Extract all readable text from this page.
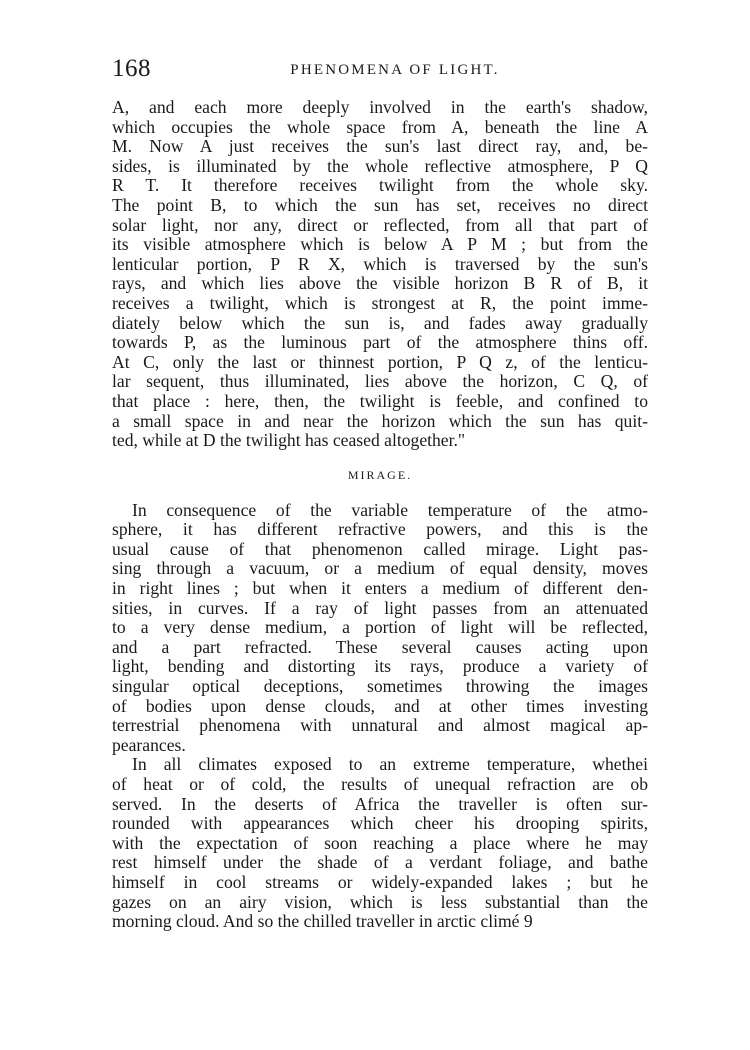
168	PHENOMENA OF LIGHT.
A, and each more deeply involved in the earth's shadow,
which occupies the whole space from A, beneath the line A
M. Now A just receives the sun's last direct ray, and, be-
sides, is illuminated by the whole reflective atmosphere, P Q
R T. It therefore receives twilight from the whole sky.
The point B, to which the sun has set, receives no direct
solar light, nor any, direct or reflected, from all that part of
its visible atmosphere which is below A P M ; but from the
lenticular portion, P R X, which is traversed by the sun's
rays, and which lies above the visible horizon B R of B, it
receives a twilight, which is strongest at R, the point imme-
diately below which the sun is, and fades away gradually
towards P, as the luminous part of the atmosphere thins off.
At C, only the last or thinnest portion, P Q z, of the lenticu-
lar sequent, thus illuminated, lies above the horizon, C Q, of
that place : here, then, the twilight is feeble, and confined to
a small space in and near the horizon which the sun has quit-
ted, while at D the twilight has ceased altogether."
MIRAGE.
In consequence of the variable temperature of the atmo-
sphere, it has different refractive powers, and this is the
usual cause of that phenomenon called mirage. Light pas-
sing through a vacuum, or a medium of equal density, moves
in right lines ; but when it enters a medium of different den-
sities, in curves. If a ray of light passes from an attenuated
to a very dense medium, a portion of light will be reflected,
and a part refracted. These several causes acting upon
light, bending and distorting its rays, produce a variety of
singular optical deceptions, sometimes throwing the images
of bodies upon dense clouds, and at other times investing
terrestrial phenomena with unnatural and almost magical ap-
pearances.
In all climates exposed to an extreme temperature, whethei
of heat or of cold, the results of unequal refraction are ob
served. In the deserts of Africa the traveller is often sur-
rounded with appearances which cheer his drooping spirits,
with the expectation of soon reaching a place where he may
rest himself under the shade of a verdant foliage, and bathe
himself in cool streams or widely-expanded lakes ; but he
gazes on an airy vision, which is less substantial than the
morning cloud. And so the chilled traveller in arctic climé 9
